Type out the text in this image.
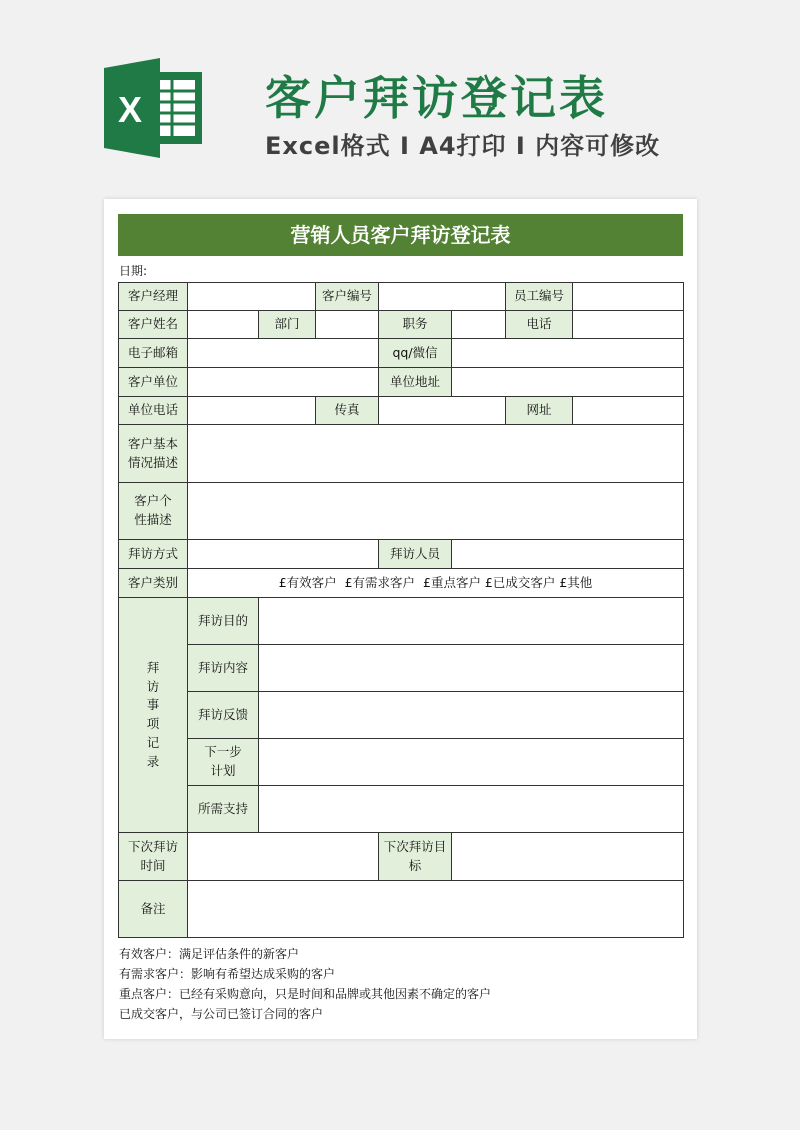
X	客户拜访登记表
Excel格式 Ⅰ A4打印 Ⅰ 内容可修改
营销人员客户拜访登记表
日期:
客户经理			客户编号			员工编号	
客户姓名		部门		职务		电话	
电子邮箱				qq/微信			
客户单位				单位地址			
单位电话			传真			网址	
客户基本情况描述							
客户个性描述							
拜访方式				拜访人员			
客户类别	£有效客户  £有需求客户  £重点客户 £已成交客户 £其他						
拜访事项记录	拜访目的						
	拜访内容						
	拜访反馈						
	下一步计划						
	所需支持						
下次拜访时间				下次拜访目标			
备注							
有效客户：满足评估条件的新客户
有需求客户：影响有希望达成采购的客户
重点客户：已经有采购意向，只是时间和品牌或其他因素不确定的客户
已成交客户，与公司已签订合同的客户
